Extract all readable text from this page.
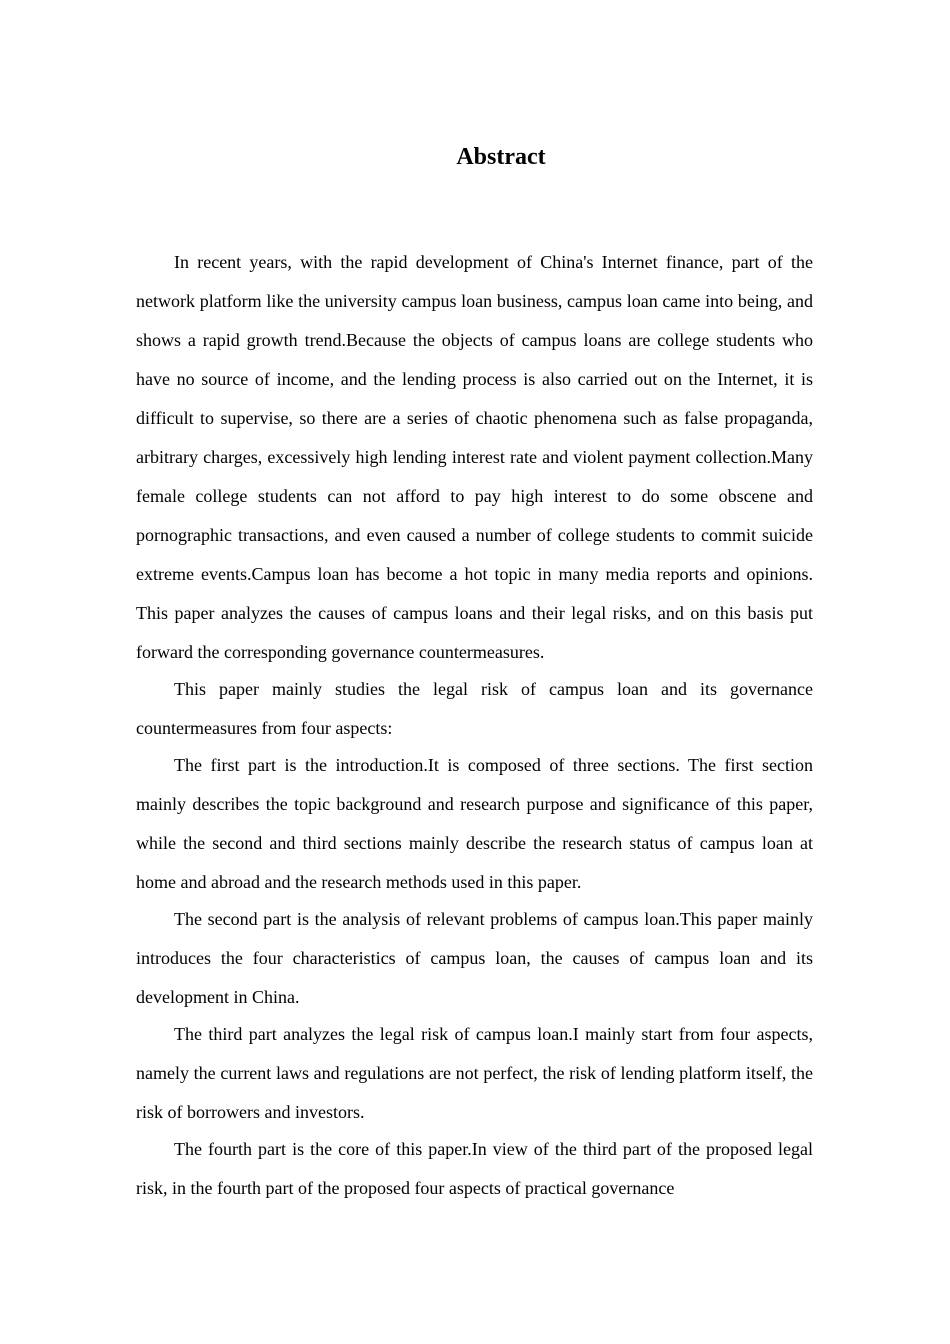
Abstract

In recent years, with the rapid development of China's Internet finance, part of the network platform like the university campus loan business, campus loan came into being, and shows a rapid growth trend.Because the objects of campus loans are college students who have no source of income, and the lending process is also carried out on the Internet, it is difficult to supervise, so there are a series of chaotic phenomena such as false propaganda, arbitrary charges, excessively high lending interest rate and violent payment collection.Many female college students can not afford to pay high interest to do some obscene and pornographic transactions, and even caused a number of college students to commit suicide extreme events.Campus loan has become a hot topic in many media reports and opinions. This paper analyzes the causes of campus loans and their legal risks, and on this basis put forward the corresponding governance countermeasures.

This paper mainly studies the legal risk of campus loan and its governance countermeasures from four aspects:

The first part is the introduction.It is composed of three sections. The first section mainly describes the topic background and research purpose and significance of this paper, while the second and third sections mainly describe the research status of campus loan at home and abroad and the research methods used in this paper.

The second part is the analysis of relevant problems of campus loan.This paper mainly introduces the four characteristics of campus loan, the causes of campus loan and its development in China.

The third part analyzes the legal risk of campus loan.I mainly start from four aspects, namely the current laws and regulations are not perfect, the risk of lending platform itself, the risk of borrowers and investors.

The fourth part is the core of this paper.In view of the third part of the proposed legal risk, in the fourth part of the proposed four aspects of practical governance
